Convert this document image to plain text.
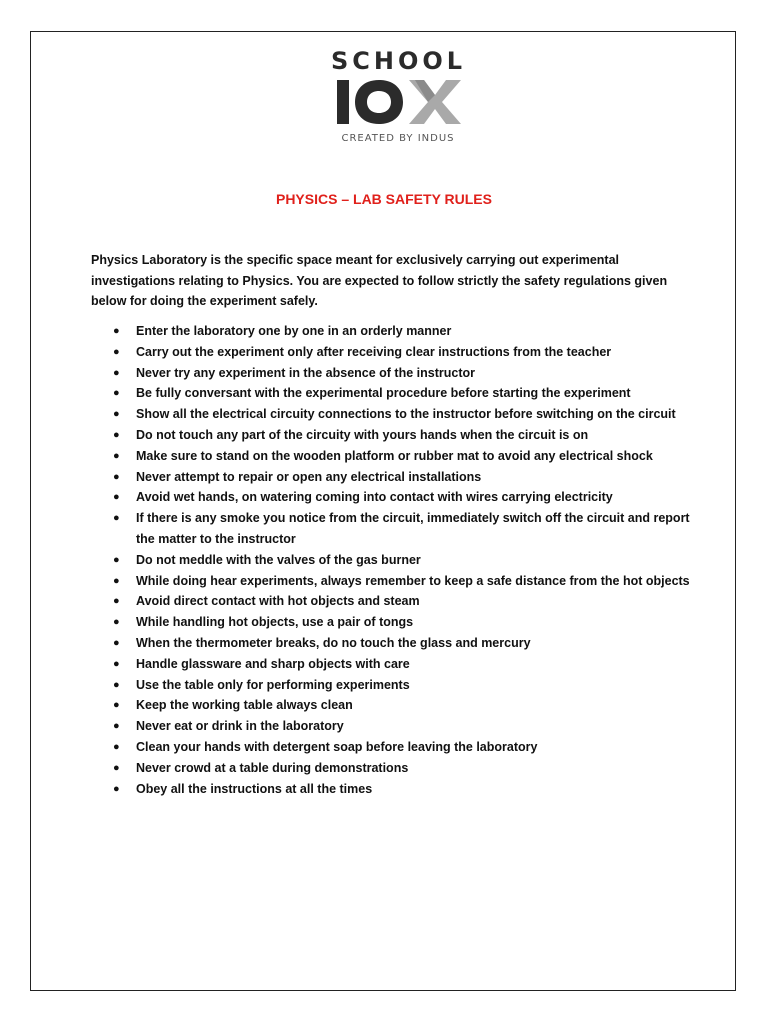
SCHOOL
CREATED BY INDUS
PHYSICS – LAB SAFETY RULES

Physics Laboratory is the specific space meant for exclusively carrying out experimental investigations relating to Physics. You are expected to follow strictly the safety regulations given below for doing the experiment safely.

● Enter the laboratory one by one in an orderly manner
● Carry out the experiment only after receiving clear instructions from the teacher
● Never try any experiment in the absence of the instructor
● Be fully conversant with the experimental procedure before starting the experiment
● Show all the electrical circuity connections to the instructor before switching on the circuit
● Do not touch any part of the circuity with yours hands when the circuit is on
● Make sure to stand on the wooden platform or rubber mat to avoid any electrical shock
● Never attempt to repair or open any electrical installations
● Avoid wet hands, on watering coming into contact with wires carrying electricity
● If there is any smoke you notice from the circuit, immediately switch off the circuit and report the matter to the instructor
● Do not meddle with the valves of the gas burner
● While doing hear experiments, always remember to keep a safe distance from the hot objects
● Avoid direct contact with hot objects and steam
● While handling hot objects, use a pair of tongs
● When the thermometer breaks, do no touch the glass and mercury
● Handle glassware and sharp objects with care
● Use the table only for performing experiments
● Keep the working table always clean
● Never eat or drink in the laboratory
● Clean your hands with detergent soap before leaving the laboratory
● Never crowd at a table during demonstrations
● Obey all the instructions at all the times
